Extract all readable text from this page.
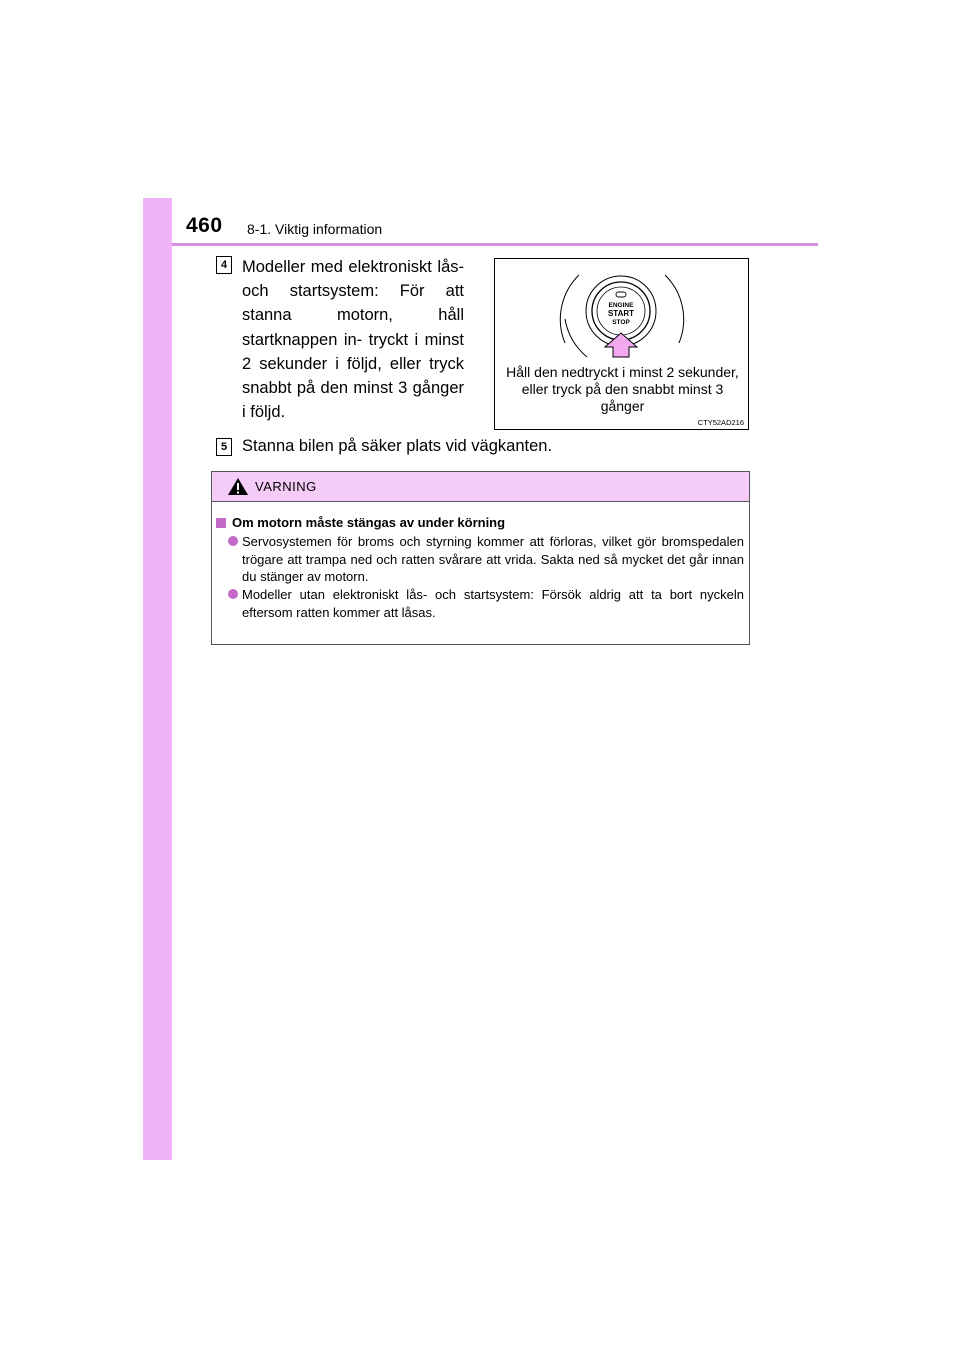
460 8-1. Viktig information
4 Modeller med elektroniskt lås- och startsystem: För att stanna motorn, håll startknappen in- tryckt i minst 2 sekunder i följd, eller tryck snabbt på den minst 3 gånger i följd.
ENGINE
START
STOP
Håll den nedtryckt i minst 2 sekunder, eller tryck på den snabbt minst 3 gånger
CTY52AD216
5 Stanna bilen på säker plats vid vägkanten.
VARNING
Om motorn måste stängas av under körning
Servosystemen för broms och styrning kommer att förloras, vilket gör bromspedalen trögare att trampa ned och ratten svårare att vrida. Sakta ned så mycket det går innan du stänger av motorn.
Modeller utan elektroniskt lås- och startsystem: Försök aldrig att ta bort nyckeln eftersom ratten kommer att låsas.
